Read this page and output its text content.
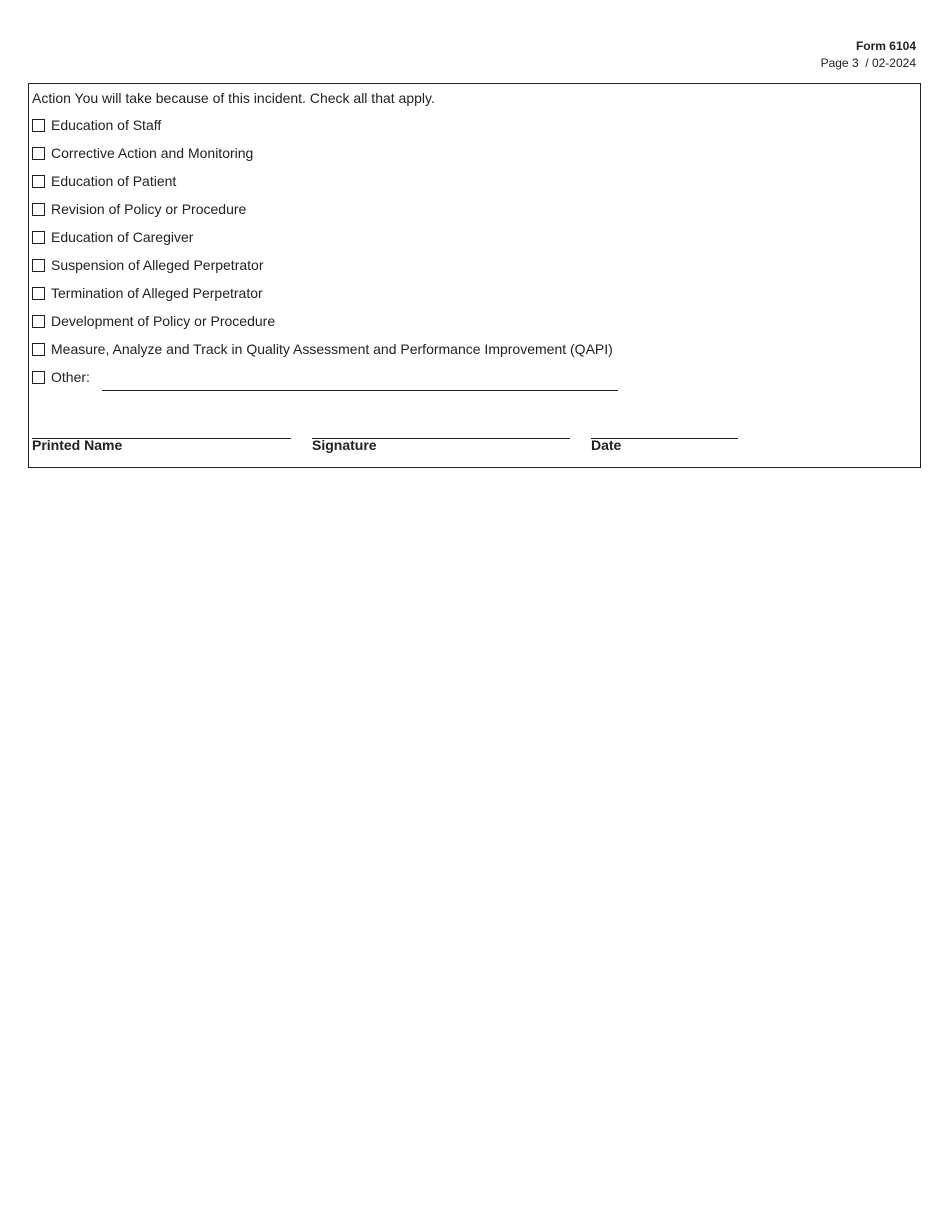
Form 6104
Page 3  / 02-2024
Action You will take because of this incident. Check all that apply.
Education of Staff
Corrective Action and Monitoring
Education of Patient
Revision of Policy or Procedure
Education of Caregiver
Suspension of Alleged Perpetrator
Termination of Alleged Perpetrator
Development of Policy or Procedure
Measure, Analyze and Track in Quality Assessment and Performance Improvement (QAPI)
Other:
Printed Name	Signature	Date
